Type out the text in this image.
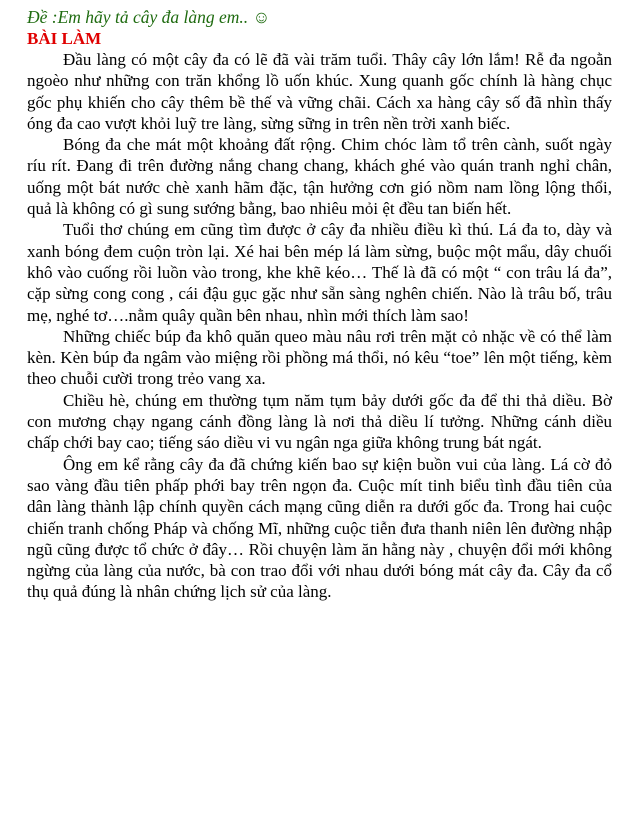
Đề :Em hãy tả cây đa làng em.. ☺
BÀI LÀM

Đầu làng có một cây đa có lẽ đã vài trăm tuổi. Thây cây lớn lắm! Rễ đa ngoằn ngoèo như những con trăn khổng lồ uốn khúc. Xung quanh gốc chính là hàng chục gốc phụ khiến cho cây thêm bề thế và vững chãi. Cách xa hàng cây số đã nhìn thấy óng đa cao vượt khỏi luỹ tre làng, sừng sững in trên nền trời xanh biếc.

Bóng đa che mát một khoảng đất rộng. Chim chóc làm tổ trên cành, suốt ngày ríu rít. Đang đi trên đường nắng chang chang, khách ghé vào quán tranh nghỉ chân, uống một bát nước chè xanh hãm đặc, tận hưởng cơn gió nồm nam lồng lộng thổi, quả là không có gì sung sướng bằng, bao nhiêu mỏi ệt đều tan biến hết.

Tuổi thơ chúng em cũng tìm được ở cây đa nhiều điều kì thú. Lá đa to, dày và xanh bóng đem cuộn tròn lại. Xé hai bên mép lá làm sừng, buộc một mẩu, dây chuối khô vào cuống rồi luồn vào trong, khe khẽ kéo… Thế là đã có một “ con trâu lá đa”, cặp sừng cong cong , cái đậu gục gặc như sẵn sàng nghên chiến. Nào là trâu bố, trâu mẹ, nghé tơ….nằm quây quần bên nhau, nhìn mới thích làm sao!

Những chiếc búp đa khô quăn queo màu nâu rơi trên mặt cỏ nhặc về có thể làm kèn. Kèn búp đa ngâm vào miệng rồi phồng má thổi, nó kêu “toe” lên một tiếng, kèm theo chuỗi cười trong trẻo vang xa.

Chiều hè, chúng em thường tụm năm tụm bảy dưới gốc đa để thi thả diều. Bờ con mương chạy ngang cánh đồng làng là nơi thả diều lí tưởng. Những cánh diều chấp chới bay cao; tiếng sáo diều vi vu ngân nga giữa không trung bát ngát.

Ông em kể rằng cây đa đã chứng kiến bao sự kiện buồn vui của làng. Lá cờ đỏ sao vàng đầu tiên phấp phới bay trên ngọn đa. Cuộc mít tinh biểu tình đầu tiên của dân làng thành lập chính quyền cách mạng cũng diễn ra dưới gốc đa. Trong hai cuộc chiến tranh chống Pháp và chống Mĩ, những cuộc tiễn đưa thanh niên lên đường nhập ngũ cũng được tổ chức ở đây… Rồi chuyện làm ăn hằng này , chuyện đổi mới không ngừng của làng của nước, bà con trao đổi với nhau dưới bóng mát cây đa. Cây đa cổ thụ quả đúng là nhân chứng lịch sử của làng.
